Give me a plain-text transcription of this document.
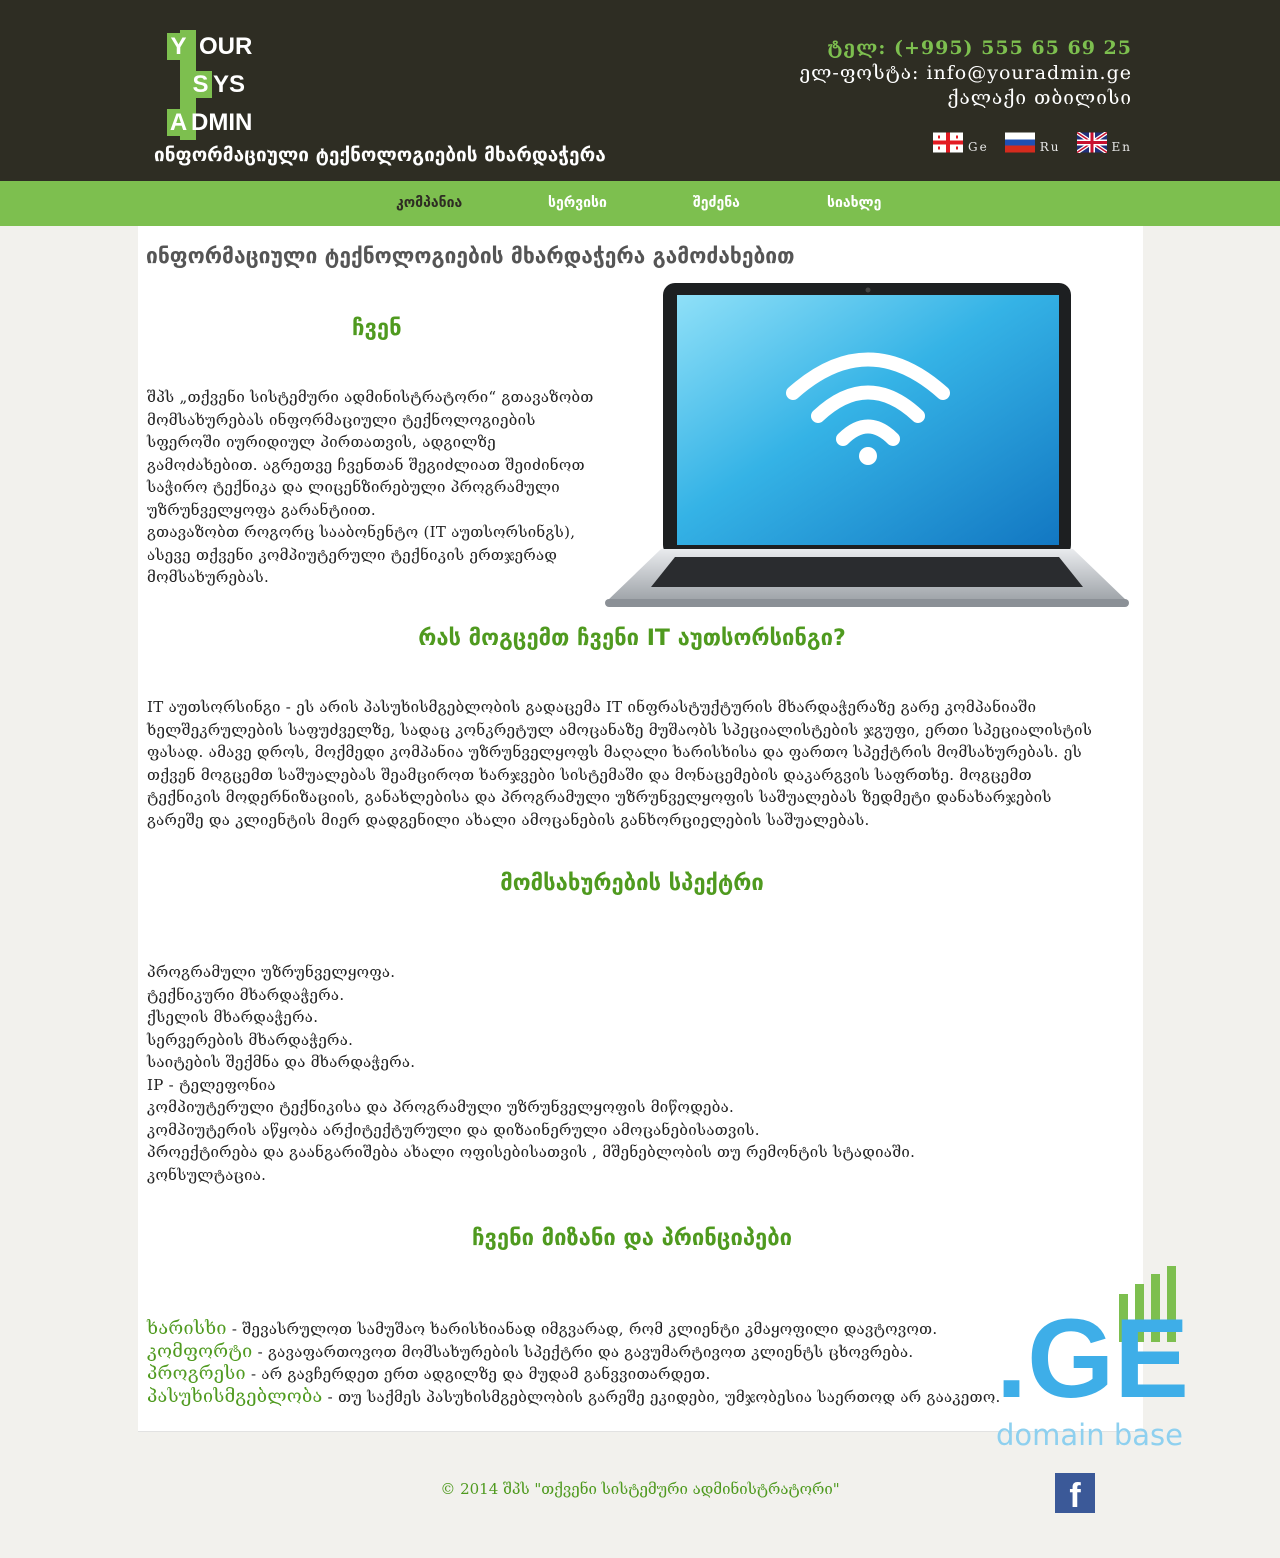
Y OUR
S YS
A DMIN
ინფორმაციული ტექნოლოგიების მხარდაჭერა
ტელ: (+995) 555 65 69 25
ელ-ფოსტა: info@youradmin.ge
ქალაქი თბილისი
Ge	Ru	En
კომპანია	სერვისი	შეძენა	სიახლე
ინფორმაციული ტექნოლოგიების მხარდაჭერა გამოძახებით
ჩვენ
შპს „თქვენი სისტემური ადმინისტრატორი“ გთავაზობთ
მომსახურებას ინფორმაციული ტექნოლოგიების
სფეროში იურიდიულ პირთათვის, ადგილზე
გამოძახებით. აგრეთვე ჩვენთან შეგიძლიათ შეიძინოთ
საჭირო ტექნიკა და ლიცენზირებული პროგრამული
უზრუნველყოფა გარანტიით.
გთავაზობთ როგორც სააბონენტო (IT აუთსორსინგს),
ასევე თქვენი კომპიუტერული ტექნიკის ერთჯერად
მომსახურებას.
რას მოგცემთ ჩვენი IT აუთსორსინგი?
IT აუთსორსინგი - ეს არის პასუხისმგებლობის გადაცემა IT ინფრასტუქტურის მხარდაჭერაზე გარე კომპანიაში
ხელშეკრულების საფუძველზე, სადაც კონკრეტულ ამოცანაზე მუშაობს სპეციალისტების ჯგუფი, ერთი სპეციალისტის
ფასად. ამავე დროს, მოქმედი კომპანია უზრუნველყოფს მაღალი ხარისხისა და ფართო სპექტრის მომსახურებას. ეს
თქვენ მოგცემთ საშუალებას შეამციროთ ხარჯვები სისტემაში და მონაცემების დაკარგვის საფრთხე. მოგცემთ
ტექნიკის მოდერნიზაციის, განახლებისა და პროგრამული უზრუნველყოფის საშუალებას ზედმეტი დანახარჯების
გარეშე და კლიენტის მიერ დადგენილი ახალი ამოცანების განხორციელების საშუალებას.
მომსახურების სპექტრი
პროგრამული უზრუნველყოფა.
ტექნიკური მხარდაჭერა.
ქსელის მხარდაჭერა.
სერვერების მხარდაჭერა.
საიტების შექმნა და მხარდაჭერა.
IP - ტელეფონია
კომპიუტერული ტექნიკისა და პროგრამული უზრუნველყოფის მიწოდება.
კომპიუტერის აწყობა არქიტექტურული და დიზაინერული ამოცანებისათვის.
პროექტირება და გაანგარიშება ახალი ოფისებისათვის , მშენებლობის თუ რემონტის სტადიაში.
კონსულტაცია.
ჩვენი მიზანი და პრინციპები
ხარისხი - შევასრულოთ სამუშაო ხარისხიანად იმგვარად, რომ კლიენტი კმაყოფილი დავტოვოთ.
კომფორტი - გავაფართოვოთ მომსახურების სპექტრი და გავუმარტივოთ კლიენტს ცხოვრება.
პროგრესი - არ გავჩერდეთ ერთ ადგილზე და მუდამ განვვითარდეთ.
პასუხისმგებლობა - თუ საქმეს პასუხისმგებლობის გარეშე ეკიდები, უმჯობესია საერთოდ არ გააკეთო.
.GE
domain base
© 2014 შპს "თქვენი სისტემური ადმინისტრატორი"	f
